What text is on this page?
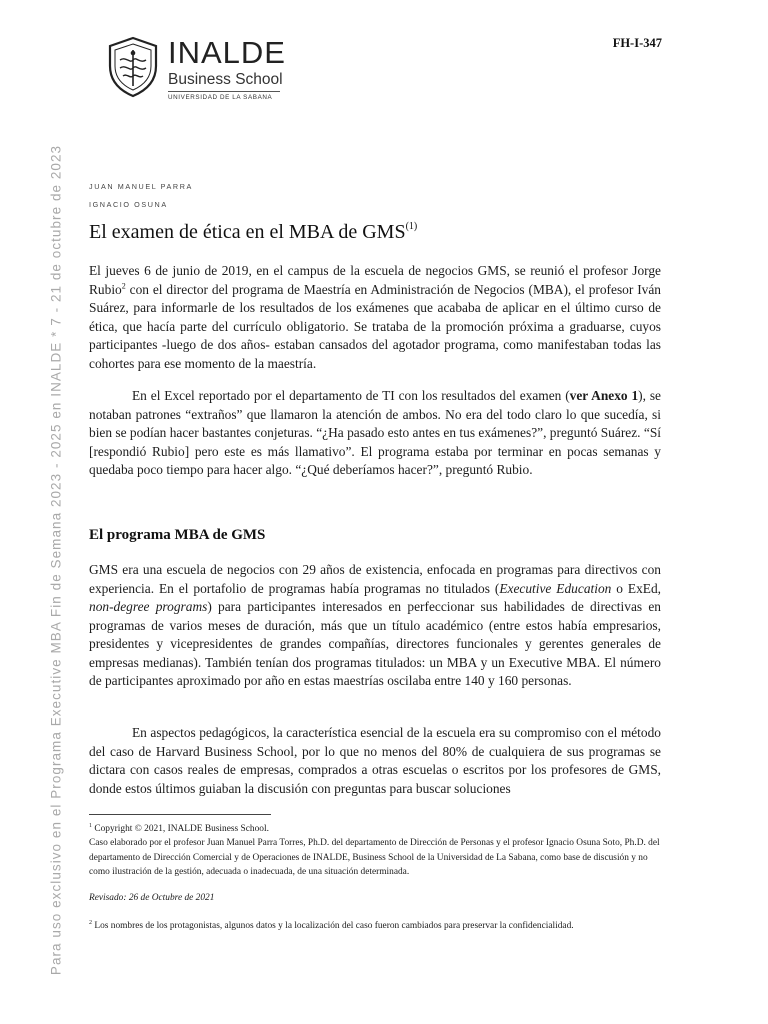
Para uso exclusivo en el Programa Executive MBA Fin de Semana 2023 - 2025 en INALDE * 7 - 21 de octubre de 2023
INALDE
Business School
UNIVERSIDAD DE LA SABANA
FH-I-347
JUAN MANUEL PARRA
IGNACIO OSUNA
El examen de ética en el MBA de GMS$^{(1)}$
El jueves 6 de junio de 2019, en el campus de la escuela de negocios GMS, se reunió el profesor Jorge Rubio$^2$ con el director del programa de Maestría en Administración de Negocios (MBA), el profesor Iván Suárez, para informarle de los resultados de los exámenes que acababa de aplicar en el último curso de ética, que hacía parte del currículo obligatorio. Se trataba de la promoción próxima a graduarse, cuyos participantes -luego de dos años- estaban cansados del agotador programa, como manifestaban todas las cohortes para ese momento de la maestría.
En el Excel reportado por el departamento de TI con los resultados del examen (ver Anexo 1), se notaban patrones “extraños” que llamaron la atención de ambos. No era del todo claro lo que sucedía, si bien se podían hacer bastantes conjeturas. “¿Ha pasado esto antes en tus exámenes?”, preguntó Suárez. “Sí [respondió Rubio] pero este es más llamativo”. El programa estaba por terminar en pocas semanas y quedaba poco tiempo para hacer algo. “¿Qué deberíamos hacer?”, preguntó Rubio.
El programa MBA de GMS
GMS era una escuela de negocios con 29 años de existencia, enfocada en programas para directivos con experiencia. En el portafolio de programas había programas no titulados (Executive Education o ExEd, non-degree programs) para participantes interesados en perfeccionar sus habilidades de directivas en programas de varios meses de duración, más que un título académico (entre estos había empresarios, presidentes y vicepresidentes de grandes compañías, directores funcionales y gerentes generales de empresas medianas). También tenían dos programas titulados: un MBA y un Executive MBA. El número de participantes aproximado por año en estas maestrías oscilaba entre 140 y 160 personas.
En aspectos pedagógicos, la característica esencial de la escuela era su compromiso con el método del caso de Harvard Business School, por lo que no menos del 80% de cualquiera de sus programas se dictara con casos reales de empresas, comprados a otras escuelas o escritos por los profesores de GMS, donde estos últimos guiaban la discusión con preguntas para buscar soluciones
$^1$ Copyright © 2021, INALDE Business School.
Caso elaborado por el profesor Juan Manuel Parra Torres, Ph.D. del departamento de Dirección de Personas y el profesor Ignacio Osuna Soto, Ph.D. del departamento de Dirección Comercial y de Operaciones de INALDE, Business School de la Universidad de La Sabana, como base de discusión y no como ilustración de la gestión, adecuada o inadecuada, de una situación determinada.
Revisado: 26 de Octubre de 2021
$^2$ Los nombres de los protagonistas, algunos datos y la localización del caso fueron cambiados para preservar la confidencialidad.
